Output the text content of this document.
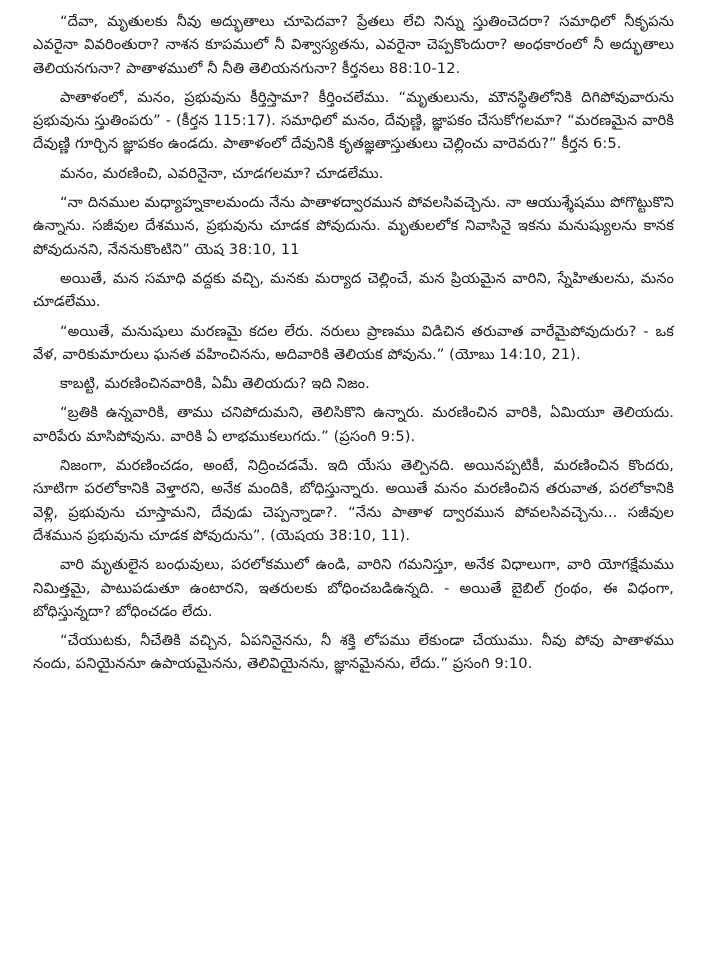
“దేవా, మృతులకు నీవు అద్భుతాలు చూపెదవా? ప్రేతలు లేచి నిన్ను స్తుతించెదరా? సమాధిలో నీకృపను ఎవరైనా వివరింతురా? నాశన కూపములో నీ విశ్వాస్యతను, ఎవరైనా చెప్పకొందురా? అంధకారంలో నీ అద్భుతాలు తెలియనగునా? పాతాళములో నీ నీతి తెలియనగునా? కీర్తనలు 88:10-12.

పాతాళంలో, మనం, ప్రభువును కీర్తిస్తామా? కీర్తించలేము. “మృతులును, మౌనస్థితిలోనికి దిగిపోవువారును ప్రభువును స్తుతింపరు” - (కీర్తన 115:17). సమాధిలో మనం, దేవుణ్ణి, జ్ఞాపకం చేసుకోగలమా? “మరణమైన వారికి దేవుణ్ణి గూర్చిన జ్ఞాపకం ఉండదు. పాతాళంలో దేవునికి కృతజ్ఞతాస్తుతులు చెల్లించు వారెవరు?” కీర్తన 6:5.

మనం, మరణించి, ఎవరినైనా, చూడగలమా? చూడలేము.

“నా దినముల మధ్యాహ్నకాలమందు నేను పాతాళద్వారమున పోవలసివచ్చెను. నా ఆయుశ్శేషము పోగొట్టుకొని ఉన్నాను. సజీవుల దేశమున, ప్రభువును చూడక పోవుదును. మృతులలోక నివాసినై ఇకను మనుష్యులను కానక పోవుదునని, నేననుకొంటిని” యెష 38:10, 11

అయితే, మన సమాధి వద్దకు వచ్చి, మనకు మర్యాద చెల్లించే, మన ప్రియమైన వారిని, స్నేహితులను, మనం చూడలేము.

“అయితే, మనుషులు మరణమై కదల లేరు. నరులు ప్రాణము విడిచిన తరువాత వారేమైపోవుదురు? - ఒక వేళ, వారికుమారులు ఘనత వహించినను, అదివారికి తెలియక పోవును.” (యోబు 14:10, 21).

కాబట్టి, మరణించినవారికి, ఏమీ తెలియదు? ఇది నిజం.

“బ్రతికి ఉన్నవారికి, తాము చనిపోదుమని, తెలిసికొని ఉన్నారు. మరణించిన వారికి, ఏమియూ తెలియదు. వారిపేరు మాసిపోవును. వారికి ఏ లాభముకలుగదు.” (ప్రసంగి 9:5).

నిజంగా, మరణించడం, అంటే, నిద్రించడమే. ఇది యేసు తెల్పినది. అయినప్పటికీ, మరణించిన కొందరు, సూటిగా పరలోకానికి వెళ్తారని, అనేక మందికి, బోధిస్తున్నారు. అయితే మనం మరణించిన తరువాత, పరలోకానికి వెళ్లి, ప్రభువును చూస్తామని, దేవుడు చెప్పన్నాడా?. “నేను పాతాళ ద్వారమున పోవలసివచ్చెను... సజీవుల దేశమున ప్రభువును చూడక పోవుదును”. (యెషయ 38:10, 11).

వారి మృతులైన బంధువులు, పరలోకములో ఉండి, వారిని గమనిస్తూ, అనేక విధాలుగా, వారి యోగక్షేమము నిమిత్తమై, పాటుపడుతూ ఉంటారని, ఇతరులకు బోధించబడిఉన్నది. - అయితే బైబిల్ గ్రంథం, ఈ విధంగా, బోధిస్తున్నదా? బోధించడం లేదు.

“చేయుటకు, నీచేతికి వచ్చిన, ఏపనినైనను, నీ శక్తి లోపము లేకుండా చేయుము. నీవు పోవు పాతాళము నందు, పనియైననూ ఉపాయమైనను, తెలివియైనను, జ్ఞానమైనను, లేదు.” ప్రసంగి 9:10.
